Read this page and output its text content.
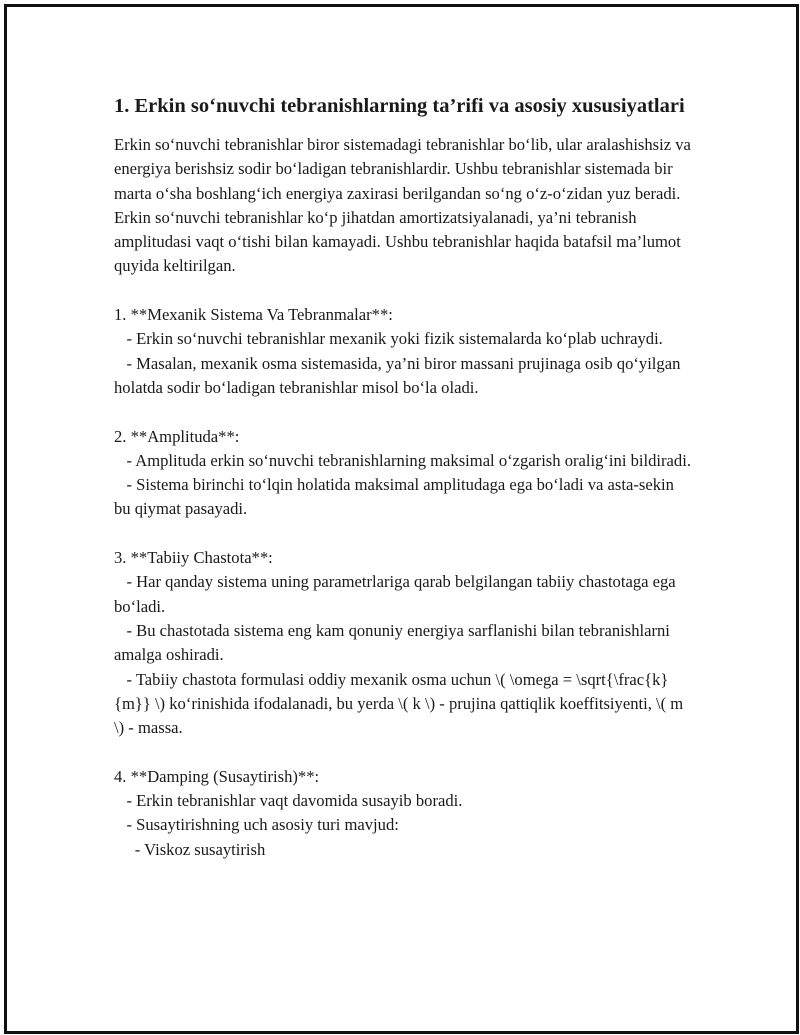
1. Erkin so‘nuvchi tebranishlarning ta’rifi va asosiy xususiyatlari

Erkin so‘nuvchi tebranishlar biror sistemadagi tebranishlar bo‘lib, ular aralashishsiz va energiya berishsiz sodir bo‘ladigan tebranishlardir. Ushbu tebranishlar sistemada bir marta o‘sha boshlang‘ich energiya zaxirasi berilgandan so‘ng o‘z-o‘zidan yuz beradi. Erkin so‘nuvchi tebranishlar ko‘p jihatdan amortizatsiyalanadi, ya’ni tebranish amplitudasi vaqt o‘tishi bilan kamayadi. Ushbu tebranishlar haqida batafsil ma’lumot quyida keltirilgan.

1. **Mexanik Sistema Va Tebranmalar**:

- Erkin so‘nuvchi tebranishlar mexanik yoki fizik sistemalarda ko‘plab uchraydi.

- Masalan, mexanik osma sistemasida, ya’ni biror massani prujinaga osib qo‘yilgan holatda sodir bo‘ladigan tebranishlar misol bo‘la oladi.

2. **Amplituda**:

- Amplituda erkin so‘nuvchi tebranishlarning maksimal o‘zgarish oralig‘ini bildiradi.

- Sistema birinchi to‘lqin holatida maksimal amplitudaga ega bo‘ladi va asta-sekin bu qiymat pasayadi.

3. **Tabiiy Chastota**:

- Har qanday sistema uning parametrlariga qarab belgilangan tabiiy chastotaga ega bo‘ladi.

- Bu chastotada sistema eng kam qonuniy energiya sarflanishi bilan tebranishlarni amalga oshiradi.

- Tabiiy chastota formulasi oddiy mexanik osma uchun \( \omega = \sqrt{\frac{k}{m}} \) ko‘rinishida ifodalanadi, bu yerda \( k \) - prujina qattiqlik koeffitsiyenti, \( m \) - massa.

4. **Damping (Susaytirish)**:

- Erkin tebranishlar vaqt davomida susayib boradi.

- Susaytirishning uch asosiy turi mavjud:

- Viskoz susaytirish
